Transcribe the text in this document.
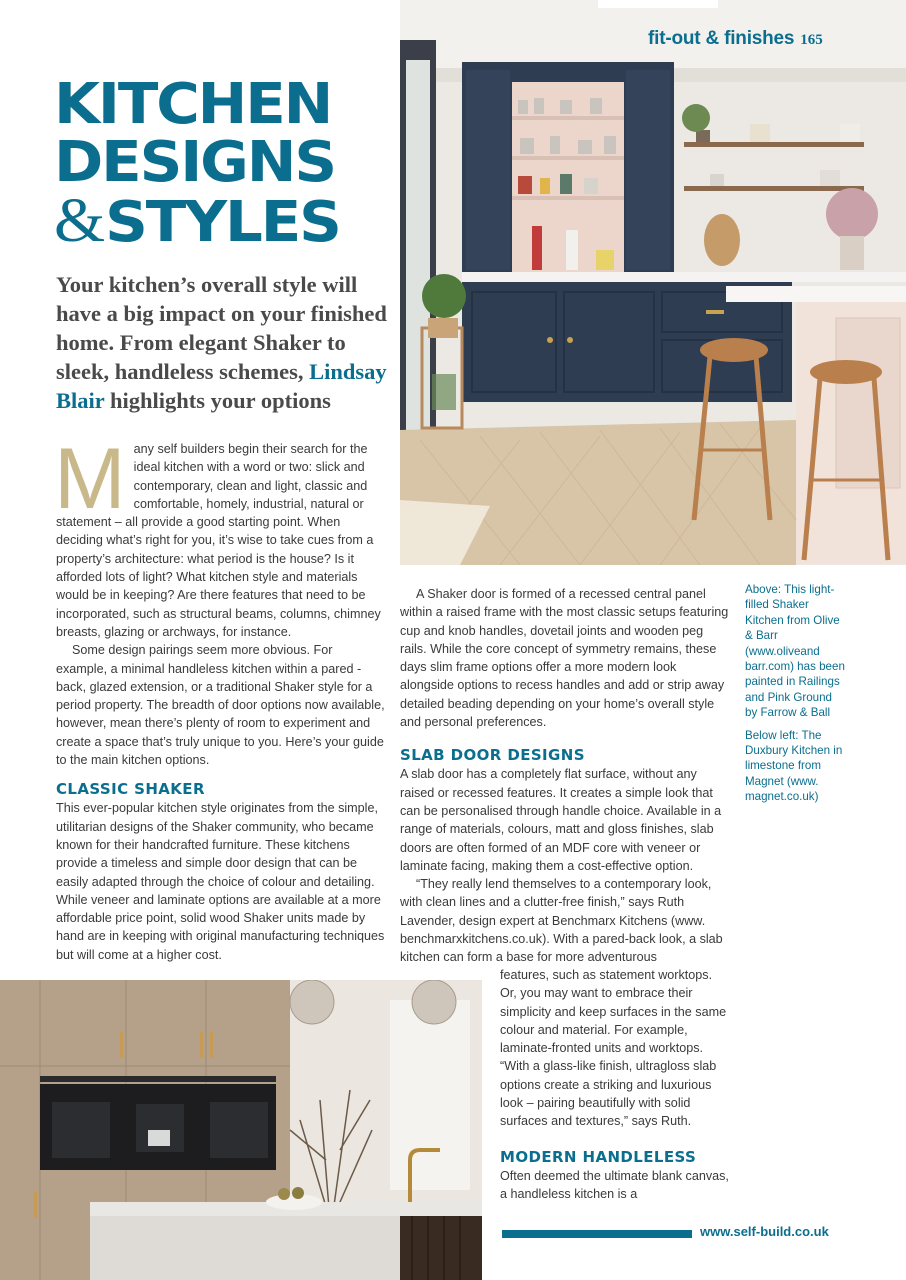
fit-out & finishes 165
KITCHEN
DESIGNS
&STYLES
Your kitchen’s overall style will have a big impact on your finished home. From elegant Shaker to sleek, handleless schemes, Lindsay Blair highlights your options

Many self builders begin their search for the ideal kitchen with a word or two: slick and contemporary, clean and light, classic and comfortable, homely, industrial, natural or statement – all provide a good starting point. When deciding what’s right for you, it’s wise to take cues from a property’s architecture: what period is the house? Is it afforded lots of light? What kitchen style and materials would be in keeping? Are there features that need to be incorporated, such as structural beams, columns, chimney breasts, glazing or archways, for instance.

Some design pairings seem more obvious. For example, a minimal handleless kitchen within a pared -back, glazed extension, or a traditional Shaker style for a period property. The breadth of door options now available, however, mean there’s plenty of room to experiment and create a space that’s truly unique to you. Here’s your guide to the main kitchen options.

CLASSIC SHAKER

This ever-popular kitchen style originates from the simple, utilitarian designs of the Shaker community, who became known for their handcrafted furniture. These kitchens provide a timeless and simple door design that can be easily adapted through the choice of colour and detailing. While veneer and laminate options are available at a more affordable price point, solid wood Shaker units made by hand are in keeping with original manufacturing techniques but will come at a higher cost.

A Shaker door is formed of a recessed central panel within a raised frame with the most classic setups featuring cup and knob handles, dovetail joints and wooden peg rails. While the core concept of symmetry remains, these days slim frame options offer a more modern look alongside options to recess handles and add or strip away detailed beading depending on your home’s overall style and personal preferences.

SLAB DOOR DESIGNS

A slab door has a completely flat surface, without any raised or recessed features. It creates a simple look that can be personalised through handle choice. Available in a range of materials, colours, matt and gloss finishes, slab doors are often formed of an MDF core with veneer or laminate facing, making them a cost-effective option.

“They really lend themselves to a contemporary look, with clean lines and a clutter-free finish,” says Ruth Lavender, design expert at Benchmarx Kitchens (www. benchmarxkitchens.co.uk). With a pared-back look, a slab kitchen can form a base for more adventurous

features, such as statement worktops. Or, you may want to embrace their simplicity and keep surfaces in the same colour and material. For example, laminate-fronted units and worktops. “With a glass-like finish, ultragloss slab options create a striking and luxurious look – pairing beautifully with solid surfaces and textures,” says Ruth.

MODERN HANDLELESS

Often deemed the ultimate blank canvas, a handleless kitchen is a

Above: This light-filled Shaker Kitchen from Olive & Barr (www.oliveand barr.com) has been painted in Railings and Pink Ground by Farrow & Ball

Below left: The Duxbury Kitchen in limestone from Magnet (www. magnet.co.uk)

www.self-build.co.uk
